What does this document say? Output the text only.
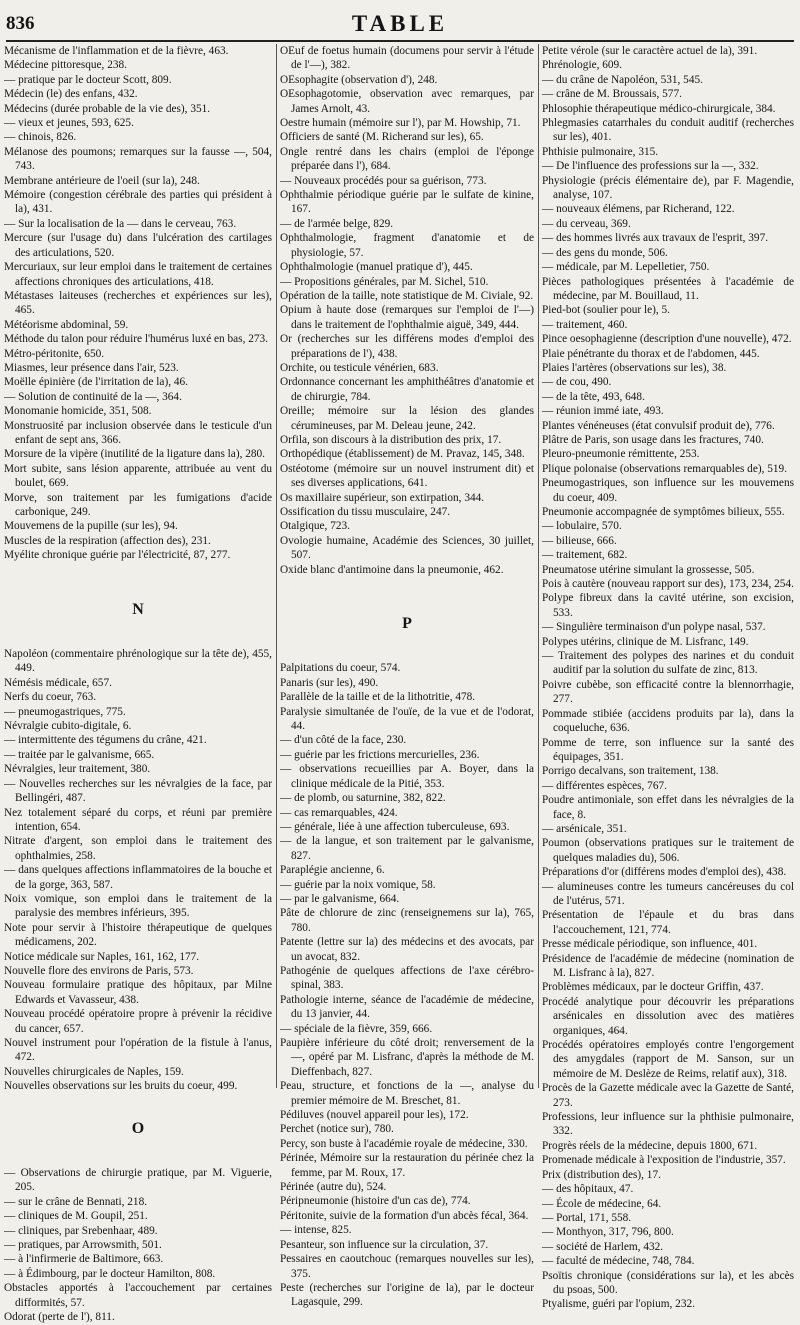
836	TABLE

Mécanisme de l'inflammation et de la fièvre, 463.

Médecine pittoresque, 238.

— pratique par le docteur Scott, 809.

Médecin (le) des enfans, 432.

Médecins (durée probable de la vie des), 351.

— vieux et jeunes, 593, 625.

— chinois, 826.

Mélanose des poumons; remarques sur la fausse —, 504, 743.

Membrane antérieure de l'oeil (sur la), 248.

Mémoire (congestion cérébrale des parties qui président à la), 431.

— Sur la localisation de la — dans le cerveau, 763.

Mercure (sur l'usage du) dans l'ulcération des cartilages des articulations, 520.

Mercuriaux, sur leur emploi dans le traitement de certaines affections chroniques des articulations, 418.

Métastases laiteuses (recherches et expériences sur les), 465.

Météorisme abdominal, 59.

Méthode du talon pour réduire l'humérus luxé en bas, 273.

Métro-péritonite, 650.

Miasmes, leur présence dans l'air, 523.

Moëlle épinière (de l'irritation de la), 46.

— Solution de continuité de la —, 364.

Monomanie homicide, 351, 508.

Monstruosité par inclusion observée dans le testicule d'un enfant de sept ans, 366.

Morsure de la vipère (inutilité de la ligature dans la), 280.

Mort subite, sans lésion apparente, attribuée au vent du boulet, 669.

Morve, son traitement par les fumigations d'acide carbonique, 249.

Mouvemens de la pupille (sur les), 94.

Muscles de la respiration (affection des), 231.

Myélite chronique guérie par l'électricité, 87, 277.

N

Napoléon (commentaire phrénologique sur la tête de), 455, 449.

Némésis médicale, 657.

Nerfs du coeur, 763.

— pneumogastriques, 775.

Névralgie cubito-digitale, 6.

— intermittente des tégumens du crâne, 421.

— traitée par le galvanisme, 665.

Névralgies, leur traitement, 380.

— Nouvelles recherches sur les névralgies de la face, par Bellingéri, 487.

Nez totalement séparé du corps, et réuni par première intention, 654.

Nitrate d'argent, son emploi dans le traitement des ophthalmies, 258.

— dans quelques affections inflammatoires de la bouche et de la gorge, 363, 587.

Noix vomique, son emploi dans le traitement de la paralysie des membres inférieurs, 395.

Note pour servir à l'histoire thérapeutique de quelques médicamens, 202.

Notice médicale sur Naples, 161, 162, 177.

Nouvelle flore des environs de Paris, 573.

Nouveau formulaire pratique des hôpitaux, par Milne Edwards et Vavasseur, 438.

Nouveau procédé opératoire propre à prévenir la récidive du cancer, 657.

Nouvel instrument pour l'opération de la fistule à l'anus, 472.

Nouvelles chirurgicales de Naples, 159.

Nouvelles observations sur les bruits du coeur, 499.

O

— Observations de chirurgie pratique, par M. Viguerie, 205.

— sur le crâne de Bennati, 218.

— cliniques de M. Goupil, 251.

— cliniques, par Srebenhaar, 489.

— pratiques, par Arrowsmith, 501.

— à l'infirmerie de Baltimore, 663.

— à Édimbourg, par le docteur Hamilton, 808.

Obstacles apportés à l'accouchement par certaines difformités, 57.

Odorat (perte de l'), 811.

OEuf de foetus humain (documens pour servir à l'étude de l'—), 382.

OEsophagite (observation d'), 248.

OEsophagotomie, observation avec remarques, par James Arnolt, 43.

Oestre humain (mémoire sur l'), par M. Howship, 71.

Officiers de santé (M. Richerand sur les), 65.

Ongle rentré dans les chairs (emploi de l'éponge préparée dans l'), 684.

— Nouveaux procédés pour sa guérison, 773.

Ophthalmie périodique guérie par le sulfate de kinine, 167.

— de l'armée belge, 829.

Ophthalmologie, fragment d'anatomie et de physiologie, 57.

Ophthalmologie (manuel pratique d'), 445.

— Propositions générales, par M. Sichel, 510.

Opération de la taille, note statistique de M. Civiale, 92.

Opium à haute dose (remarques sur l'emploi de l'—) dans le traitement de l'ophthalmie aiguë, 349, 444.

Or (recherches sur les différens modes d'emploi des préparations de l'), 438.

Orchite, ou testicule vénérien, 683.

Ordonnance concernant les amphithéâtres d'anatomie et de chirurgie, 784.

Oreille; mémoire sur la lésion des glandes cérumineuses, par M. Deleau jeune, 242.

Orfila, son discours à la distribution des prix, 17.

Orthopédique (établissement) de M. Pravaz, 145, 348.

Ostéotome (mémoire sur un nouvel instrument dit) et ses diverses applications, 641.

Os maxillaire supérieur, son extirpation, 344.

Ossification du tissu musculaire, 247.

Otalgique, 723.

Ovologie humaine, Académie des Sciences, 30 juillet, 507.

Oxide blanc d'antimoine dans la pneumonie, 462.

P

Palpitations du coeur, 574.

Panaris (sur les), 490.

Parallèle de la taille et de la lithotritie, 478.

Paralysie simultanée de l'ouïe, de la vue et de l'odorat, 44.

— d'un côté de la face, 230.

— guérie par les frictions mercurielles, 236.

— observations recueillies par A. Boyer, dans la clinique médicale de la Pitié, 353.

— de plomb, ou saturnine, 382, 822.

— cas remarquables, 424.

— générale, liée à une affection tuberculeuse, 693.

— de la langue, et son traitement par le galvanisme, 827.

Paraplégie ancienne, 6.

— guérie par la noix vomique, 58.

— par le galvanisme, 664.

Pâte de chlorure de zinc (renseignemens sur la), 765, 780.

Patente (lettre sur la) des médecins et des avocats, par un avocat, 832.

Pathogénie de quelques affections de l'axe cérébro-spinal, 383.

Pathologie interne, séance de l'académie de médecine, du 13 janvier, 44.

— spéciale de la fièvre, 359, 666.

Paupière inférieure du côté droit; renversement de la —, opéré par M. Lisfranc, d'après la méthode de M. Dieffenbach, 827.

Peau, structure, et fonctions de la —, analyse du premier mémoire de M. Breschet, 81.

Pédiluves (nouvel appareil pour les), 172.

Perchet (notice sur), 780.

Percy, son buste à l'académie royale de médecine, 330.

Périnée, Mémoire sur la restauration du périnée chez la femme, par M. Roux, 17.

Périnée (autre du), 524.

Péripneumonie (histoire d'un cas de), 774.

Péritonite, suivie de la formation d'un abcès fécal, 364.

— intense, 825.

Pesanteur, son influence sur la circulation, 37.

Pessaires en caoutchouc (remarques nouvelles sur les), 375.

Peste (recherches sur l'origine de la), par le docteur Lagasquie, 299.

Petite vérole (sur le caractère actuel de la), 391.

Phrénologie, 609.

— du crâne de Napoléon, 531, 545.

— crâne de M. Broussais, 577.

Phlosophie thérapeutique médico-chirurgicale, 384.

Phlegmasies catarrhales du conduit auditif (recherches sur les), 401.

Phthisie pulmonaire, 315.

— De l'influence des professions sur la —, 332.

Physiologie (précis élémentaire de), par F. Magendie, analyse, 107.

— nouveaux élémens, par Richerand, 122.

— du cerveau, 369.

— des hommes livrés aux travaux de l'esprit, 397.

— des gens du monde, 506.

— médicale, par M. Lepelletier, 750.

Pièces pathologiques présentées à l'académie de médecine, par M. Bouillaud, 11.

Pied-bot (soulier pour le), 5.

— traitement, 460.

Pince oesophagienne (description d'une nouvelle), 472.

Plaie pénétrante du thorax et de l'abdomen, 445.

Plaies l'artères (observations sur les), 38.

— de cou, 490.

— de la tête, 493, 648.

— réunion immé iate, 493.

Plantes vénéneuses (état convulsif produit de), 776.

Plâtre de Paris, son usage dans les fractures, 740.

Pleuro-pneumonie rémittente, 253.

Plique polonaise (observations remarquables de), 519.

Pneumogastriques, son influence sur les mouvemens du coeur, 409.

Pneumonie accompagnée de symptômes bilieux, 555.

— lobulaire, 570.

— bilieuse, 666.

— traitement, 682.

Pneumatose utérine simulant la grossesse, 505.

Pois à cautère (nouveau rapport sur des), 173, 234, 254.

Polype fibreux dans la cavité utérine, son excision, 533.

— Singulière terminaison d'un polype nasal, 537.

Polypes utérins, clinique de M. Lisfranc, 149.

— Traitement des polypes des narines et du conduit auditif par la solution du sulfate de zinc, 813.

Poivre cubèbe, son efficacité contre la blennorrhagie, 277.

Pommade stibiée (accidens produits par la), dans la coqueluche, 636.

Pomme de terre, son influence sur la santé des équipages, 351.

Porrigo decalvans, son traitement, 138.

— différentes espèces, 767.

Poudre antimoniale, son effet dans les névralgies de la face, 8.

— arsénicale, 351.

Poumon (observations pratiques sur le traitement de quelques maladies du), 506.

Préparations d'or (différens modes d'emploi des), 438.

— alumineuses contre les tumeurs cancéreuses du col de l'utérus, 571.

Présentation de l'épaule et du bras dans l'accouchement, 121, 774.

Presse médicale périodique, son influence, 401.

Présidence de l'académie de médecine (nomination de M. Lisfranc à la), 827.

Problèmes médicaux, par le docteur Griffin, 437.

Procédé analytique pour découvrir les préparations arsénicales en dissolution avec des matières organiques, 464.

Procédés opératoires employés contre l'engorgement des amygdales (rapport de M. Sanson, sur un mémoire de M. Deslèze de Reims, relatif aux), 318.

Procès de la Gazette médicale avec la Gazette de Santé, 273.

Professions, leur influence sur la phthisie pulmonaire, 332.

Progrès réels de la médecine, depuis 1800, 671.

Promenade médicale à l'exposition de l'industrie, 357.

Prix (distribution des), 17.

— des hôpitaux, 47.

— École de médecine, 64.

— Portal, 171, 558.

— Monthyon, 317, 796, 800.

— société de Harlem, 432.

— faculté de médecine, 748, 784.

Psoïtis chronique (considérations sur la), et les abcès du psoas, 500.

Ptyalisme, guéri par l'opium, 232.
